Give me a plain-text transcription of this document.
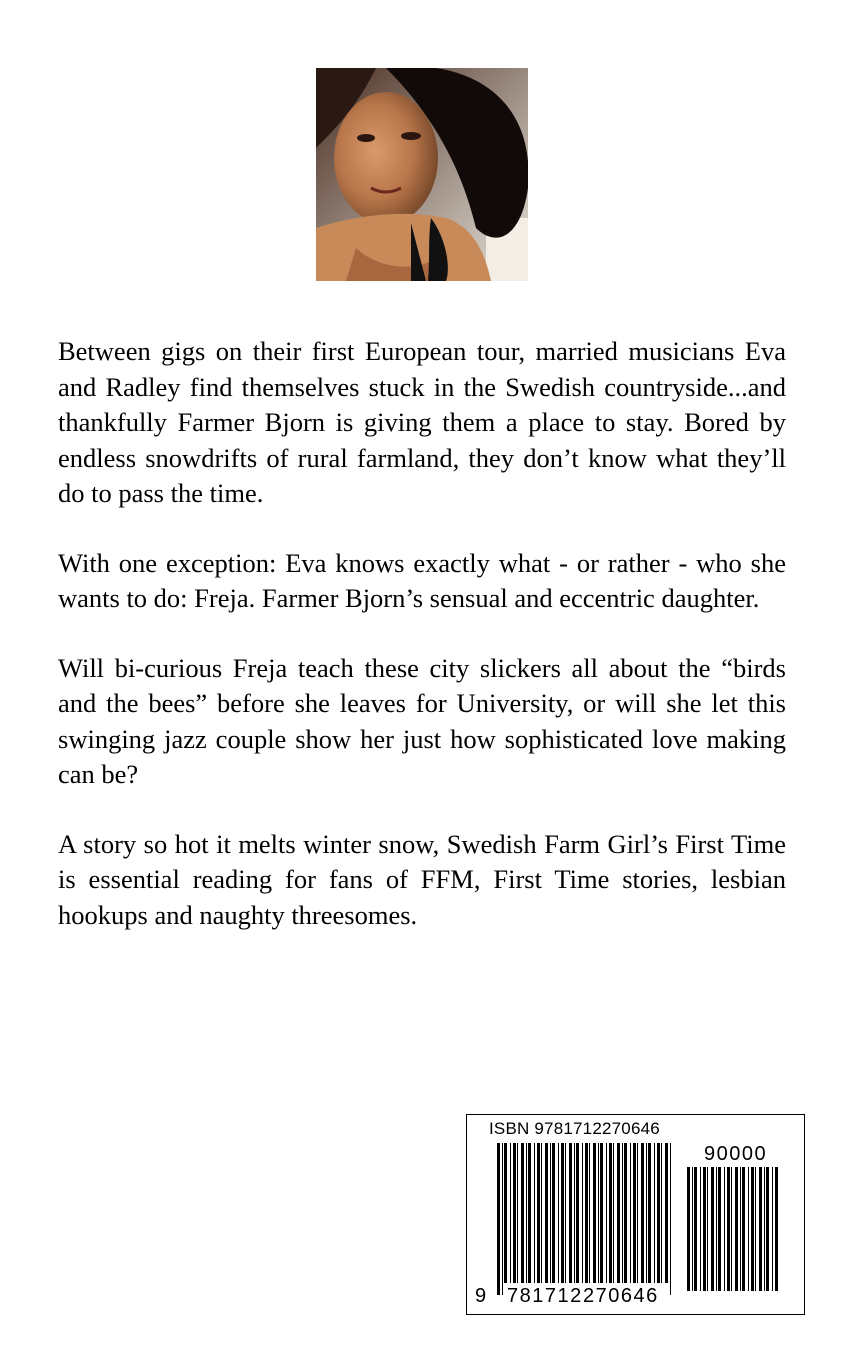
Between gigs on their first European tour, married musicians Eva and Radley find themselves stuck in the Swedish countryside...and thankfully Farmer Bjorn is giving them a place to stay. Bored by endless snowdrifts of rural farmland, they don’t know what they’ll do to pass the time.

With one exception: Eva knows exactly what - or rather - who she wants to do: Freja. Farmer Bjorn’s sensual and eccentric daughter.

Will bi-curious Freja teach these city slickers all about the “birds and the bees” before she leaves for University, or will she let this swinging jazz couple show her just how sophisticated love making can be?

A story so hot it melts winter snow, Swedish Farm Girl’s First Time is essential reading for fans of FFM, First Time stories, lesbian hookups and naughty threesomes.

ISBN 9781712270646
90000
9 781712 270646
